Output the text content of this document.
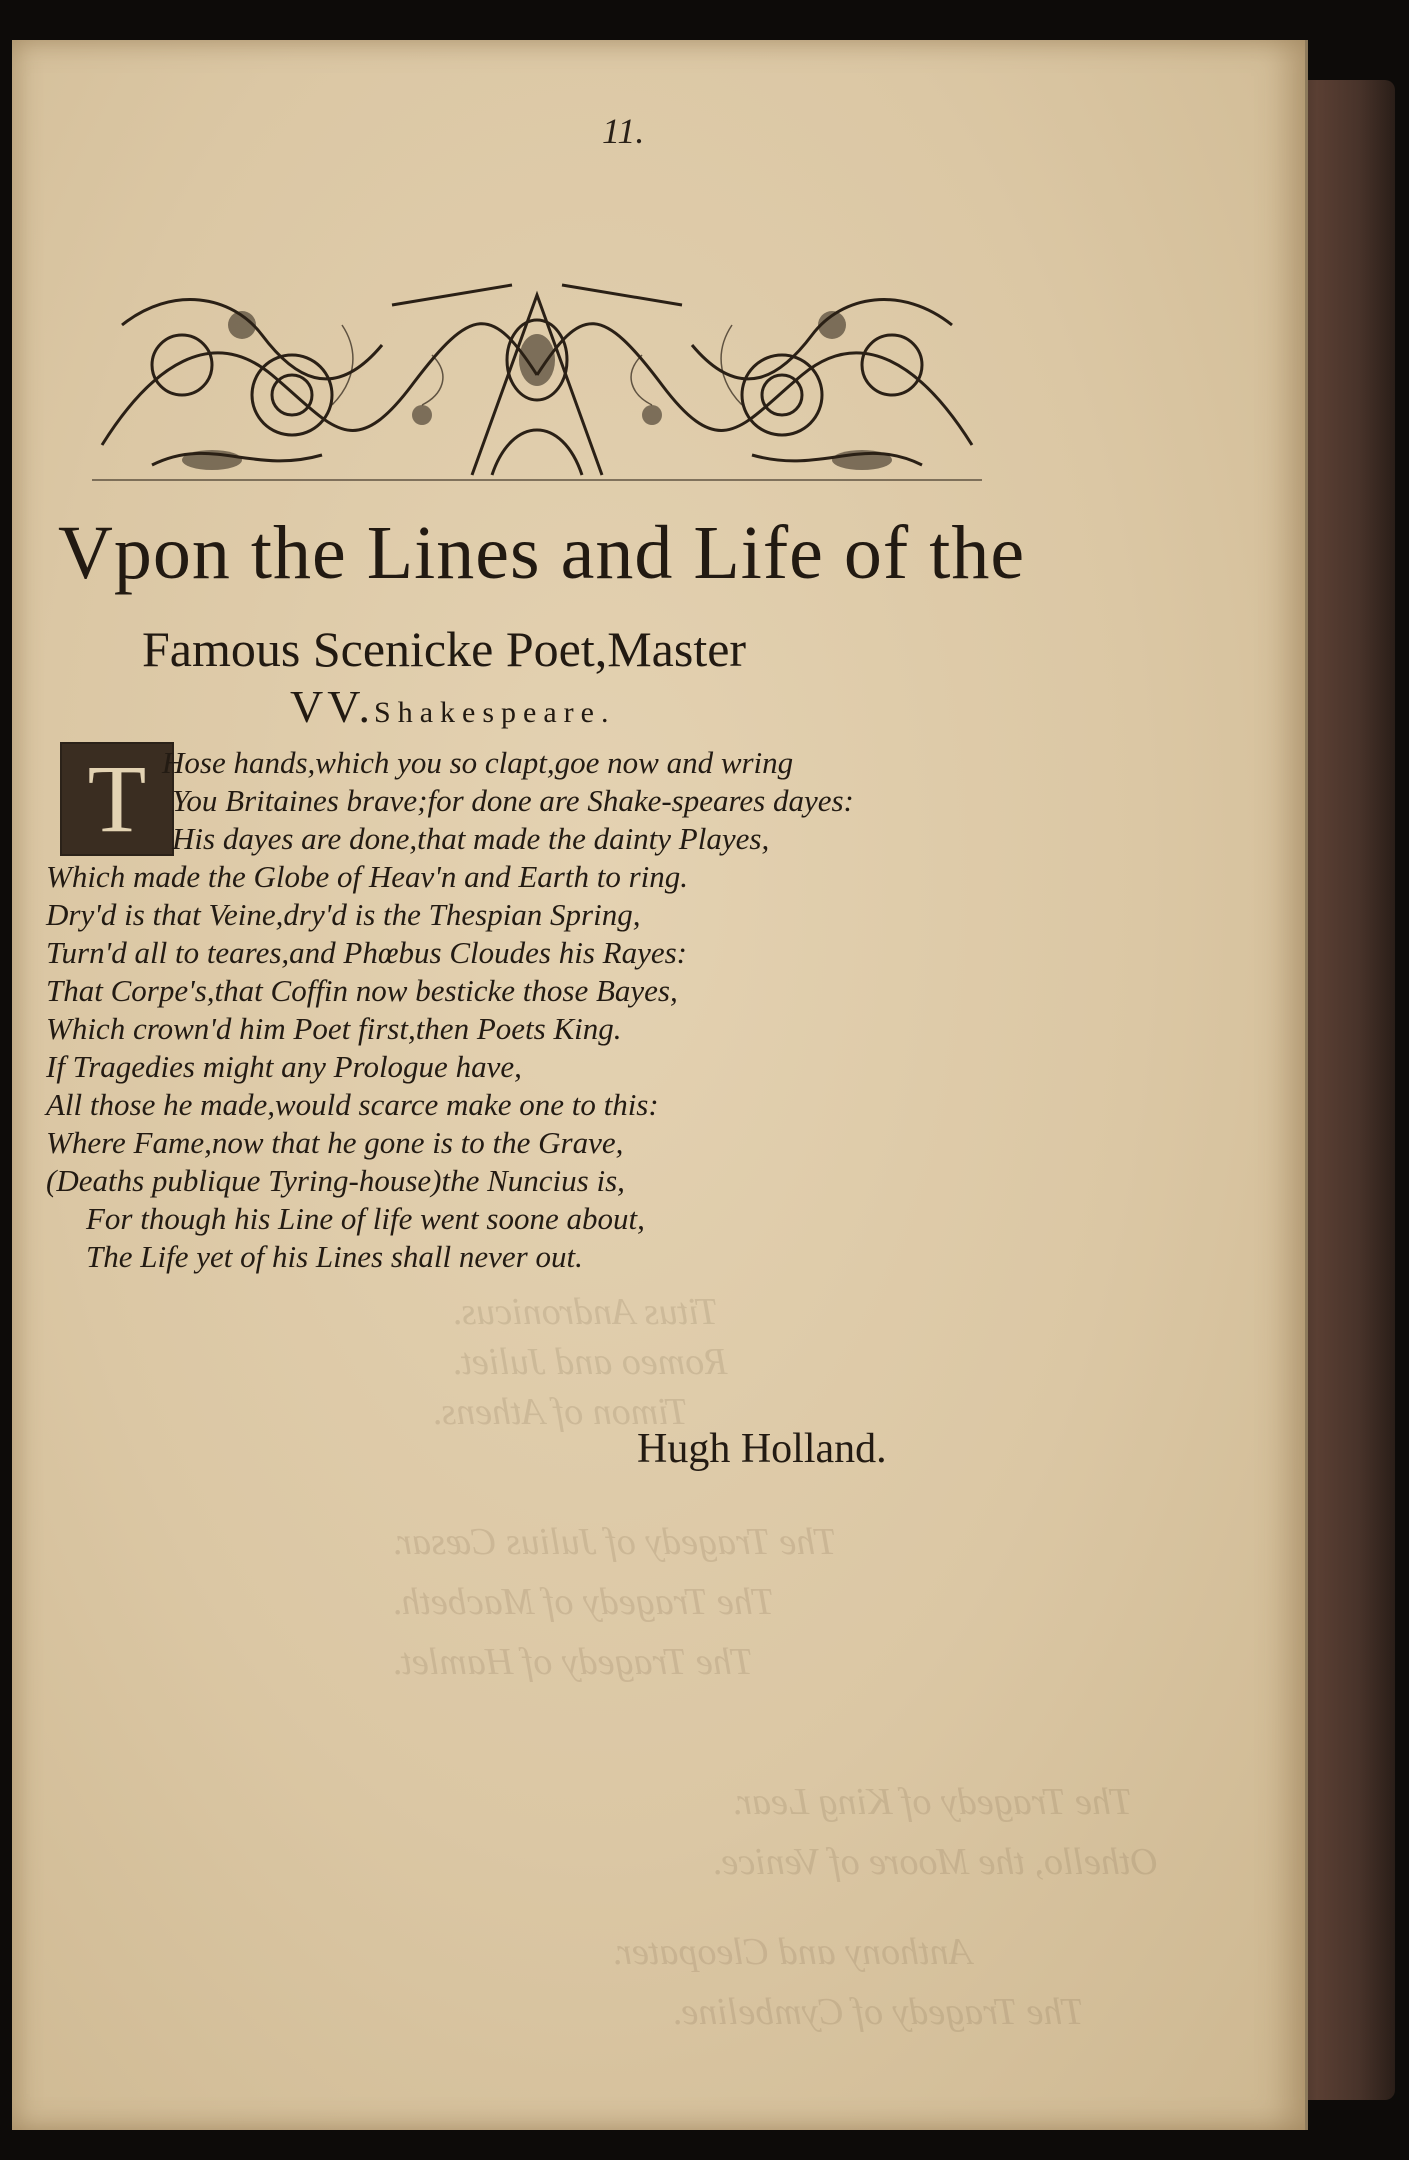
Titus Andronicus.
Romeo and Juliet.
Timon of Athens.
The Tragedy of Julius Cæsar.
The Tragedy of Macbeth.
The Tragedy of Hamlet.
The Tragedy of King Lear.
Othello, the Moore of Venice.
Anthony and Cleopater.
The Tragedy of Cymbeline.
11.
Vpon the Lines and Life of the
Famous Scenicke Poet,Master
VV.Shakespeare.
T Hose hands,which you so clapt,goe now and wring
You Britaines brave;for done are Shake-speares dayes:
His dayes are done,that made the dainty Playes,
Which made the Globe of Heav'n and Earth to ring.
Dry'd is that Veine,dry'd is the Thespian Spring,
Turn'd all to teares,and Phœbus Cloudes his Rayes:
That Corpe's,that Coffin now besticke those Bayes,
Which crown'd him Poet first,then Poets King.
If Tragedies might any Prologue have,
All those he made,would scarce make one to this:
Where Fame,now that he gone is to the Grave,
(Deaths publique Tyring-house)the Nuncius is,
For though his Line of life went soone about,
The Life yet of his Lines shall never out.
Hugh Holland.
